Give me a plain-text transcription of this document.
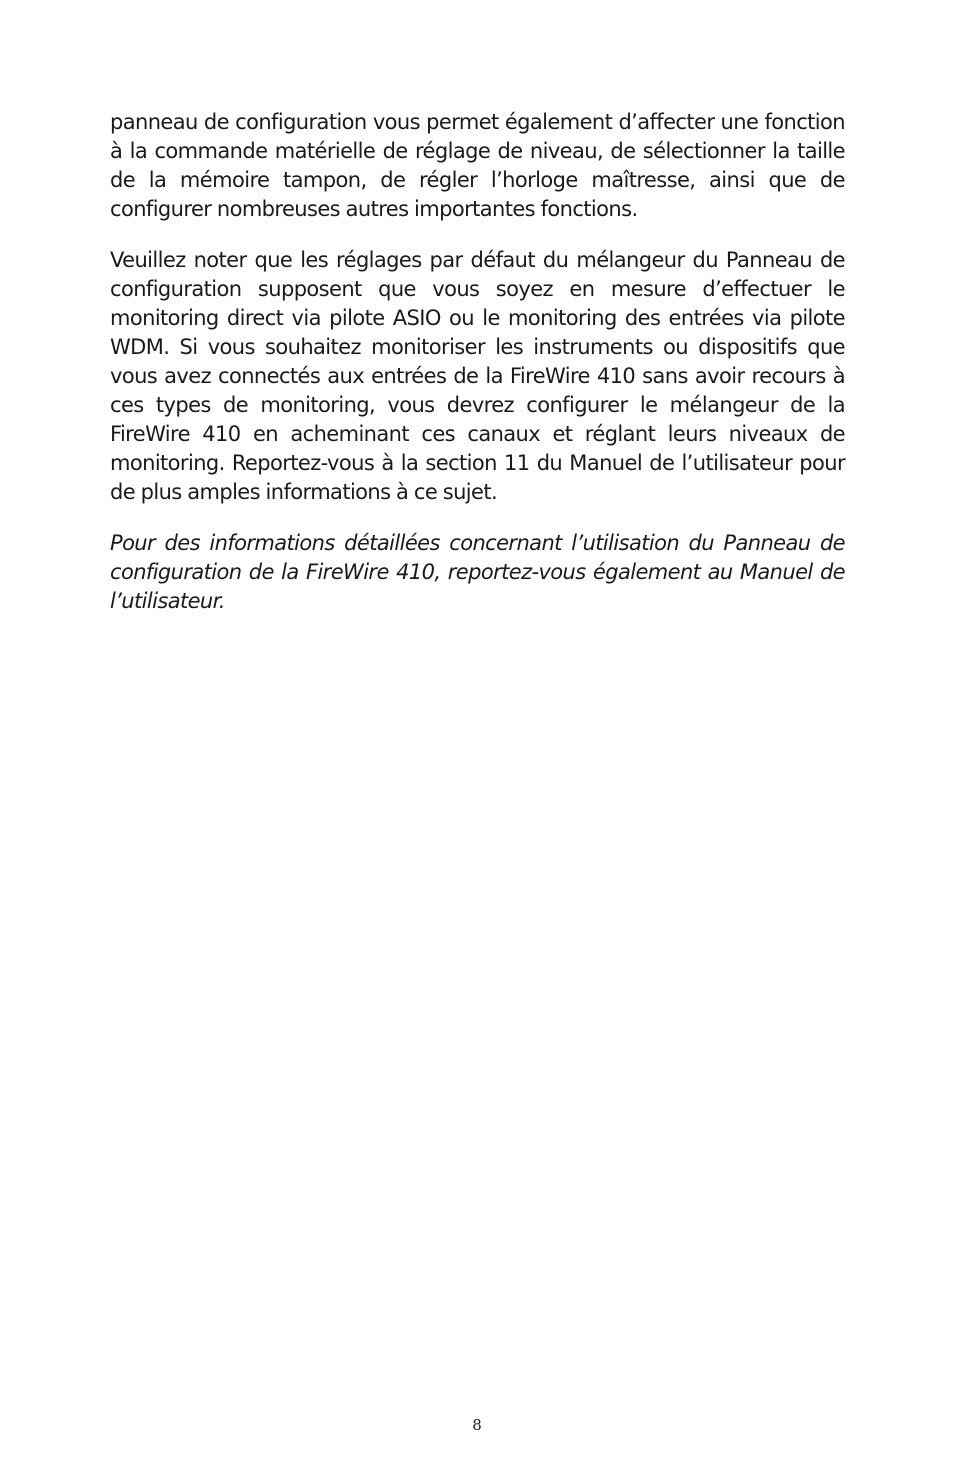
panneau de configuration vous permet également d’affecter une fonction à la commande matérielle de réglage de niveau, de sélectionner la taille de la mémoire tampon, de régler l’horloge maîtresse, ainsi que de configurer nombreuses autres importantes fonctions.

Veuillez noter que les réglages par défaut du mélangeur du Panneau de configuration supposent que vous soyez en mesure d’effectuer le monitoring direct via pilote ASIO ou le monitoring des entrées via pilote WDM. Si vous souhaitez monitoriser les instruments ou dispositifs que vous avez connectés aux entrées de la FireWire 410 sans avoir recours à ces types de monitoring, vous devrez configurer le mélangeur de la FireWire 410 en acheminant ces canaux et réglant leurs niveaux de monitoring. Reportez-vous à la section 11 du Manuel de l’utilisateur pour de plus amples informations à ce sujet.

Pour des informations détaillées concernant l’utilisation du Panneau de configuration de la FireWire 410, reportez-vous également au Manuel de l’utilisateur.

8
